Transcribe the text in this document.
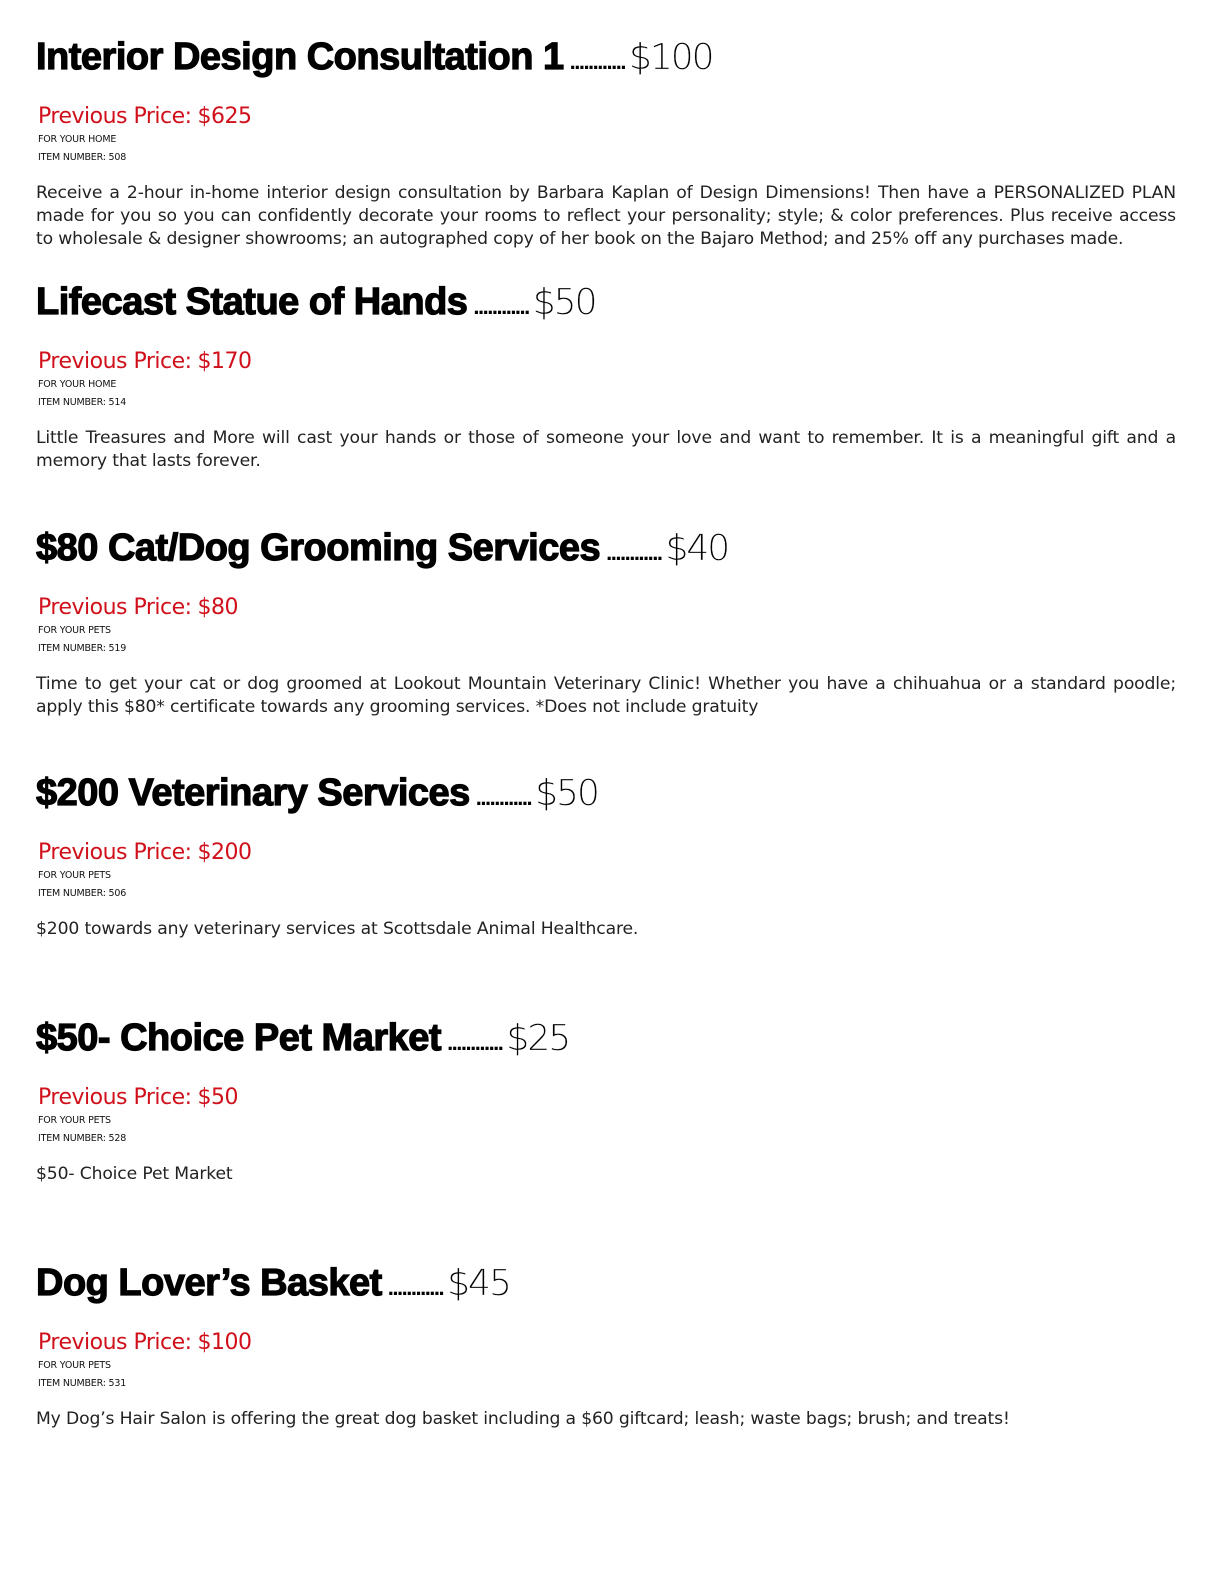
Interior Design Consultation 1 ............ $100
Previous Price: $625
FOR YOUR HOME
ITEM NUMBER: 508
Receive a 2-hour in-home interior design consultation by Barbara Kaplan of Design Dimensions! Then have a PERSONALIZED PLAN made for you so you can confidently decorate your rooms to reflect your personality; style; & color preferences. Plus receive access to wholesale & designer showrooms; an autographed copy of her book on the Bajaro Method; and 25% off any purchases made.
Lifecast Statue of Hands ............ $50
Previous Price: $170
FOR YOUR HOME
ITEM NUMBER: 514
Little Treasures and More will cast your hands or those of someone your love and want to remember. It is a meaningful gift and a memory that lasts forever.
$80 Cat/Dog Grooming Services ............ $40
Previous Price: $80
FOR YOUR PETS
ITEM NUMBER: 519
Time to get your cat or dog groomed at Lookout Mountain Veterinary Clinic! Whether you have a chihuahua or a standard poodle; apply this $80* certificate towards any grooming services. *Does not include gratuity
$200 Veterinary Services ............ $50
Previous Price: $200
FOR YOUR PETS
ITEM NUMBER: 506
$200 towards any veterinary services at Scottsdale Animal Healthcare.
$50- Choice Pet Market ............ $25
Previous Price: $50
FOR YOUR PETS
ITEM NUMBER: 528
$50- Choice Pet Market
Dog Lover’s Basket ............ $45
Previous Price: $100
FOR YOUR PETS
ITEM NUMBER: 531
My Dog’s Hair Salon is offering the great dog basket including a $60 giftcard; leash; waste bags; brush; and treats!
